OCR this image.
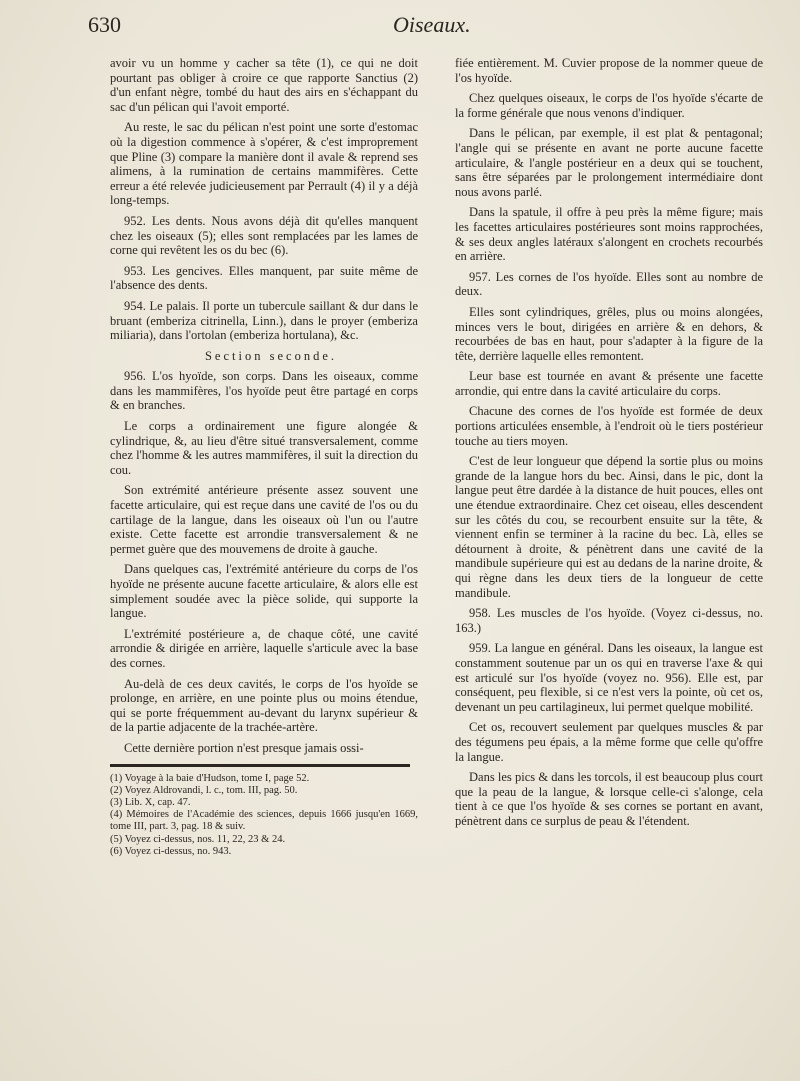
630	Oiseaux.

avoir vu un homme y cacher sa tête (1), ce qui ne doit pourtant pas obliger à croire ce que rapporte Sanctius (2) d'un enfant nègre, tombé du haut des airs en s'échappant du sac d'un pélican qui l'avoit emporté.

Au reste, le sac du pélican n'est point une sorte d'estomac où la digestion commence à s'opérer, & c'est improprement que Pline (3) compare la manière dont il avale & reprend ses alimens, à la rumination de certains mammifères. Cette erreur a été relevée judicieusement par Perrault (4) il y a déjà long-temps.

952. Les dents. Nous avons déjà dit qu'elles manquent chez les oiseaux (5); elles sont remplacées par les lames de corne qui revêtent les os du bec (6).

953. Les gencives. Elles manquent, par suite même de l'absence des dents.

954. Le palais. Il porte un tubercule saillant & dur dans le bruant (emberiza citrinella, Linn.), dans le proyer (emberiza miliaria), dans l'ortolan (emberiza hortulana), &c.

Section seconde.

956. L'os hyoïde, son corps. Dans les oiseaux, comme dans les mammifères, l'os hyoïde peut être partagé en corps & en branches.

Le corps a ordinairement une figure alongée & cylindrique, &, au lieu d'être situé transversalement, comme chez l'homme & les autres mammifères, il suit la direction du cou.

Son extrémité antérieure présente assez souvent une facette articulaire, qui est reçue dans une cavité de l'os ou du cartilage de la langue, dans les oiseaux où l'un ou l'autre existe. Cette facette est arrondie transversalement & ne permet guère que des mouvemens de droite à gauche.

Dans quelques cas, l'extrémité antérieure du corps de l'os hyoïde ne présente aucune facette articulaire, & alors elle est simplement soudée avec la pièce solide, qui supporte la langue.

L'extrémité postérieure a, de chaque côté, une cavité arrondie & dirigée en arrière, laquelle s'articule avec la base des cornes.

Au-delà de ces deux cavités, le corps de l'os hyoïde se prolonge, en arrière, en une pointe plus ou moins étendue, qui se porte fréquemment au-devant du larynx supérieur & de la partie adjacente de la trachée-artère.

Cette dernière portion n'est presque jamais ossi-

(1) Voyage à la baie d'Hudson, tome I, page 52.
(2) Voyez Aldrovandi, l. c., tom. III, pag. 50.
(3) Lib. X, cap. 47.
(4) Mémoires de l'Académie des sciences, depuis 1666 jusqu'en 1669, tome III, part. 3, pag. 18 & suiv.
(5) Voyez ci-dessus, nos. 11, 22, 23 & 24.
(6) Voyez ci-dessus, no. 943.

fiée entièrement. M. Cuvier propose de la nommer queue de l'os hyoïde.

Chez quelques oiseaux, le corps de l'os hyoïde s'écarte de la forme générale que nous venons d'indiquer.

Dans le pélican, par exemple, il est plat & pentagonal; l'angle qui se présente en avant ne porte aucune facette articulaire, & l'angle postérieur en a deux qui se touchent, sans être séparées par le prolongement intermédiaire dont nous avons parlé.

Dans la spatule, il offre à peu près la même figure; mais les facettes articulaires postérieures sont moins rapprochées, & ses deux angles latéraux s'alongent en crochets recourbés en arrière.

957. Les cornes de l'os hyoïde. Elles sont au nombre de deux.

Elles sont cylindriques, grêles, plus ou moins alongées, minces vers le bout, dirigées en arrière & en dehors, & recourbées de bas en haut, pour s'adapter à la figure de la tête, derrière laquelle elles remontent.

Leur base est tournée en avant & présente une facette arrondie, qui entre dans la cavité articulaire du corps.

Chacune des cornes de l'os hyoïde est formée de deux portions articulées ensemble, à l'endroit où le tiers postérieur touche au tiers moyen.

C'est de leur longueur que dépend la sortie plus ou moins grande de la langue hors du bec. Ainsi, dans le pic, dont la langue peut être dardée à la distance de huit pouces, elles ont une étendue extraordinaire. Chez cet oiseau, elles descendent sur les côtés du cou, se recourbent ensuite sur la tête, & viennent enfin se terminer à la racine du bec. Là, elles se détournent à droite, & pénètrent dans une cavité de la mandibule supérieure qui est au dedans de la narine droite, & qui règne dans les deux tiers de la longueur de cette mandibule.

958. Les muscles de l'os hyoïde. (Voyez ci-dessus, no. 163.)

959. La langue en général. Dans les oiseaux, la langue est constamment soutenue par un os qui en traverse l'axe & qui est articulé sur l'os hyoïde (voyez no. 956). Elle est, par conséquent, peu flexible, si ce n'est vers la pointe, où cet os, devenant un peu cartilagineux, lui permet quelque mobilité.

Cet os, recouvert seulement par quelques muscles & par des tégumens peu épais, a la même forme que celle qu'offre la langue.

Dans les pics & dans les torcols, il est beaucoup plus court que la peau de la langue, & lorsque celle-ci s'alonge, cela tient à ce que l'os hyoïde & ses cornes se portant en avant, pénètrent dans ce surplus de peau & l'étendent.
